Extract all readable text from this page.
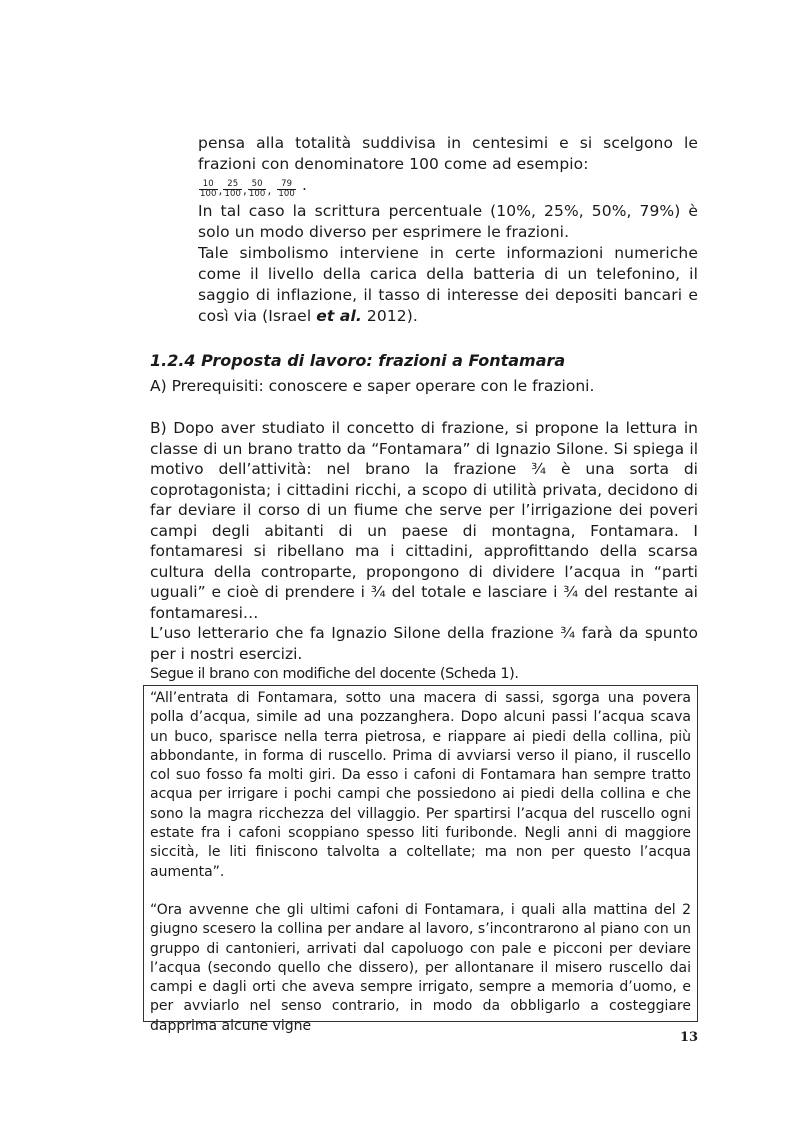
pensa alla totalità suddivisa in centesimi e si scelgono le frazioni con denominatore 100 come ad esempio:

$\frac{10}{100} _, \frac{25}{100} _, \frac{50}{100} _, \frac{79}{100}$ .

In tal caso la scrittura percentuale (10%, 25%, 50%, 79%) è solo un modo diverso per esprimere le frazioni.

Tale simbolismo interviene in certe informazioni numeriche come il livello della carica della batteria di un telefonino, il saggio di inflazione, il tasso di interesse dei depositi bancari e così via (Israel et al. 2012).

1.2.4 Proposta di lavoro: frazioni a Fontamara

A) Prerequisiti: conoscere e saper operare con le frazioni.

B) Dopo aver studiato il concetto di frazione, si propone la lettura in classe di un brano tratto da “Fontamara” di Ignazio Silone. Si spiega il motivo dell’attività: nel brano la frazione ¾ è una sorta di coprotagonista; i cittadini ricchi, a scopo di utilità privata, decidono di far deviare il corso di un fiume che serve per l’irrigazione dei poveri campi degli abitanti di un paese di montagna, Fontamara. I fontamaresi si ribellano ma i cittadini, approfittando della scarsa cultura della controparte, propongono di dividere l’acqua in “parti uguali” e cioè di prendere i ¾ del totale e lasciare i ¾ del restante ai fontamaresi…

L’uso letterario che fa Ignazio Silone della frazione ¾ farà da spunto per i nostri esercizi.

Segue il brano con modifiche del docente (Scheda 1).

“All’entrata di Fontamara, sotto una macera di sassi, sgorga una povera polla d’acqua, simile ad una pozzanghera. Dopo alcuni passi l’acqua scava un buco, sparisce nella terra pietrosa, e riappare ai piedi della collina, più abbondante, in forma di ruscello. Prima di avviarsi verso il piano, il ruscello col suo fosso fa molti giri. Da esso i cafoni di Fontamara han sempre tratto acqua per irrigare i pochi campi che possiedono ai piedi della collina e che sono la magra ricchezza del villaggio. Per spartirsi l’acqua del ruscello ogni estate fra i cafoni scoppiano spesso liti furibonde. Negli anni di maggiore siccità, le liti finiscono talvolta a coltellate; ma non per questo l’acqua aumenta”.

“Ora avvenne che gli ultimi cafoni di Fontamara, i quali alla mattina del 2 giugno scesero la collina per andare al lavoro, s’incontrarono al piano con un gruppo di cantonieri, arrivati dal capoluogo con pale e picconi per deviare l’acqua (secondo quello che dissero), per allontanare il misero ruscello dai campi e dagli orti che aveva sempre irrigato, sempre a memoria d’uomo, e per avviarlo nel senso contrario, in modo da obbligarlo a costeggiare dapprima alcune vigne

13
